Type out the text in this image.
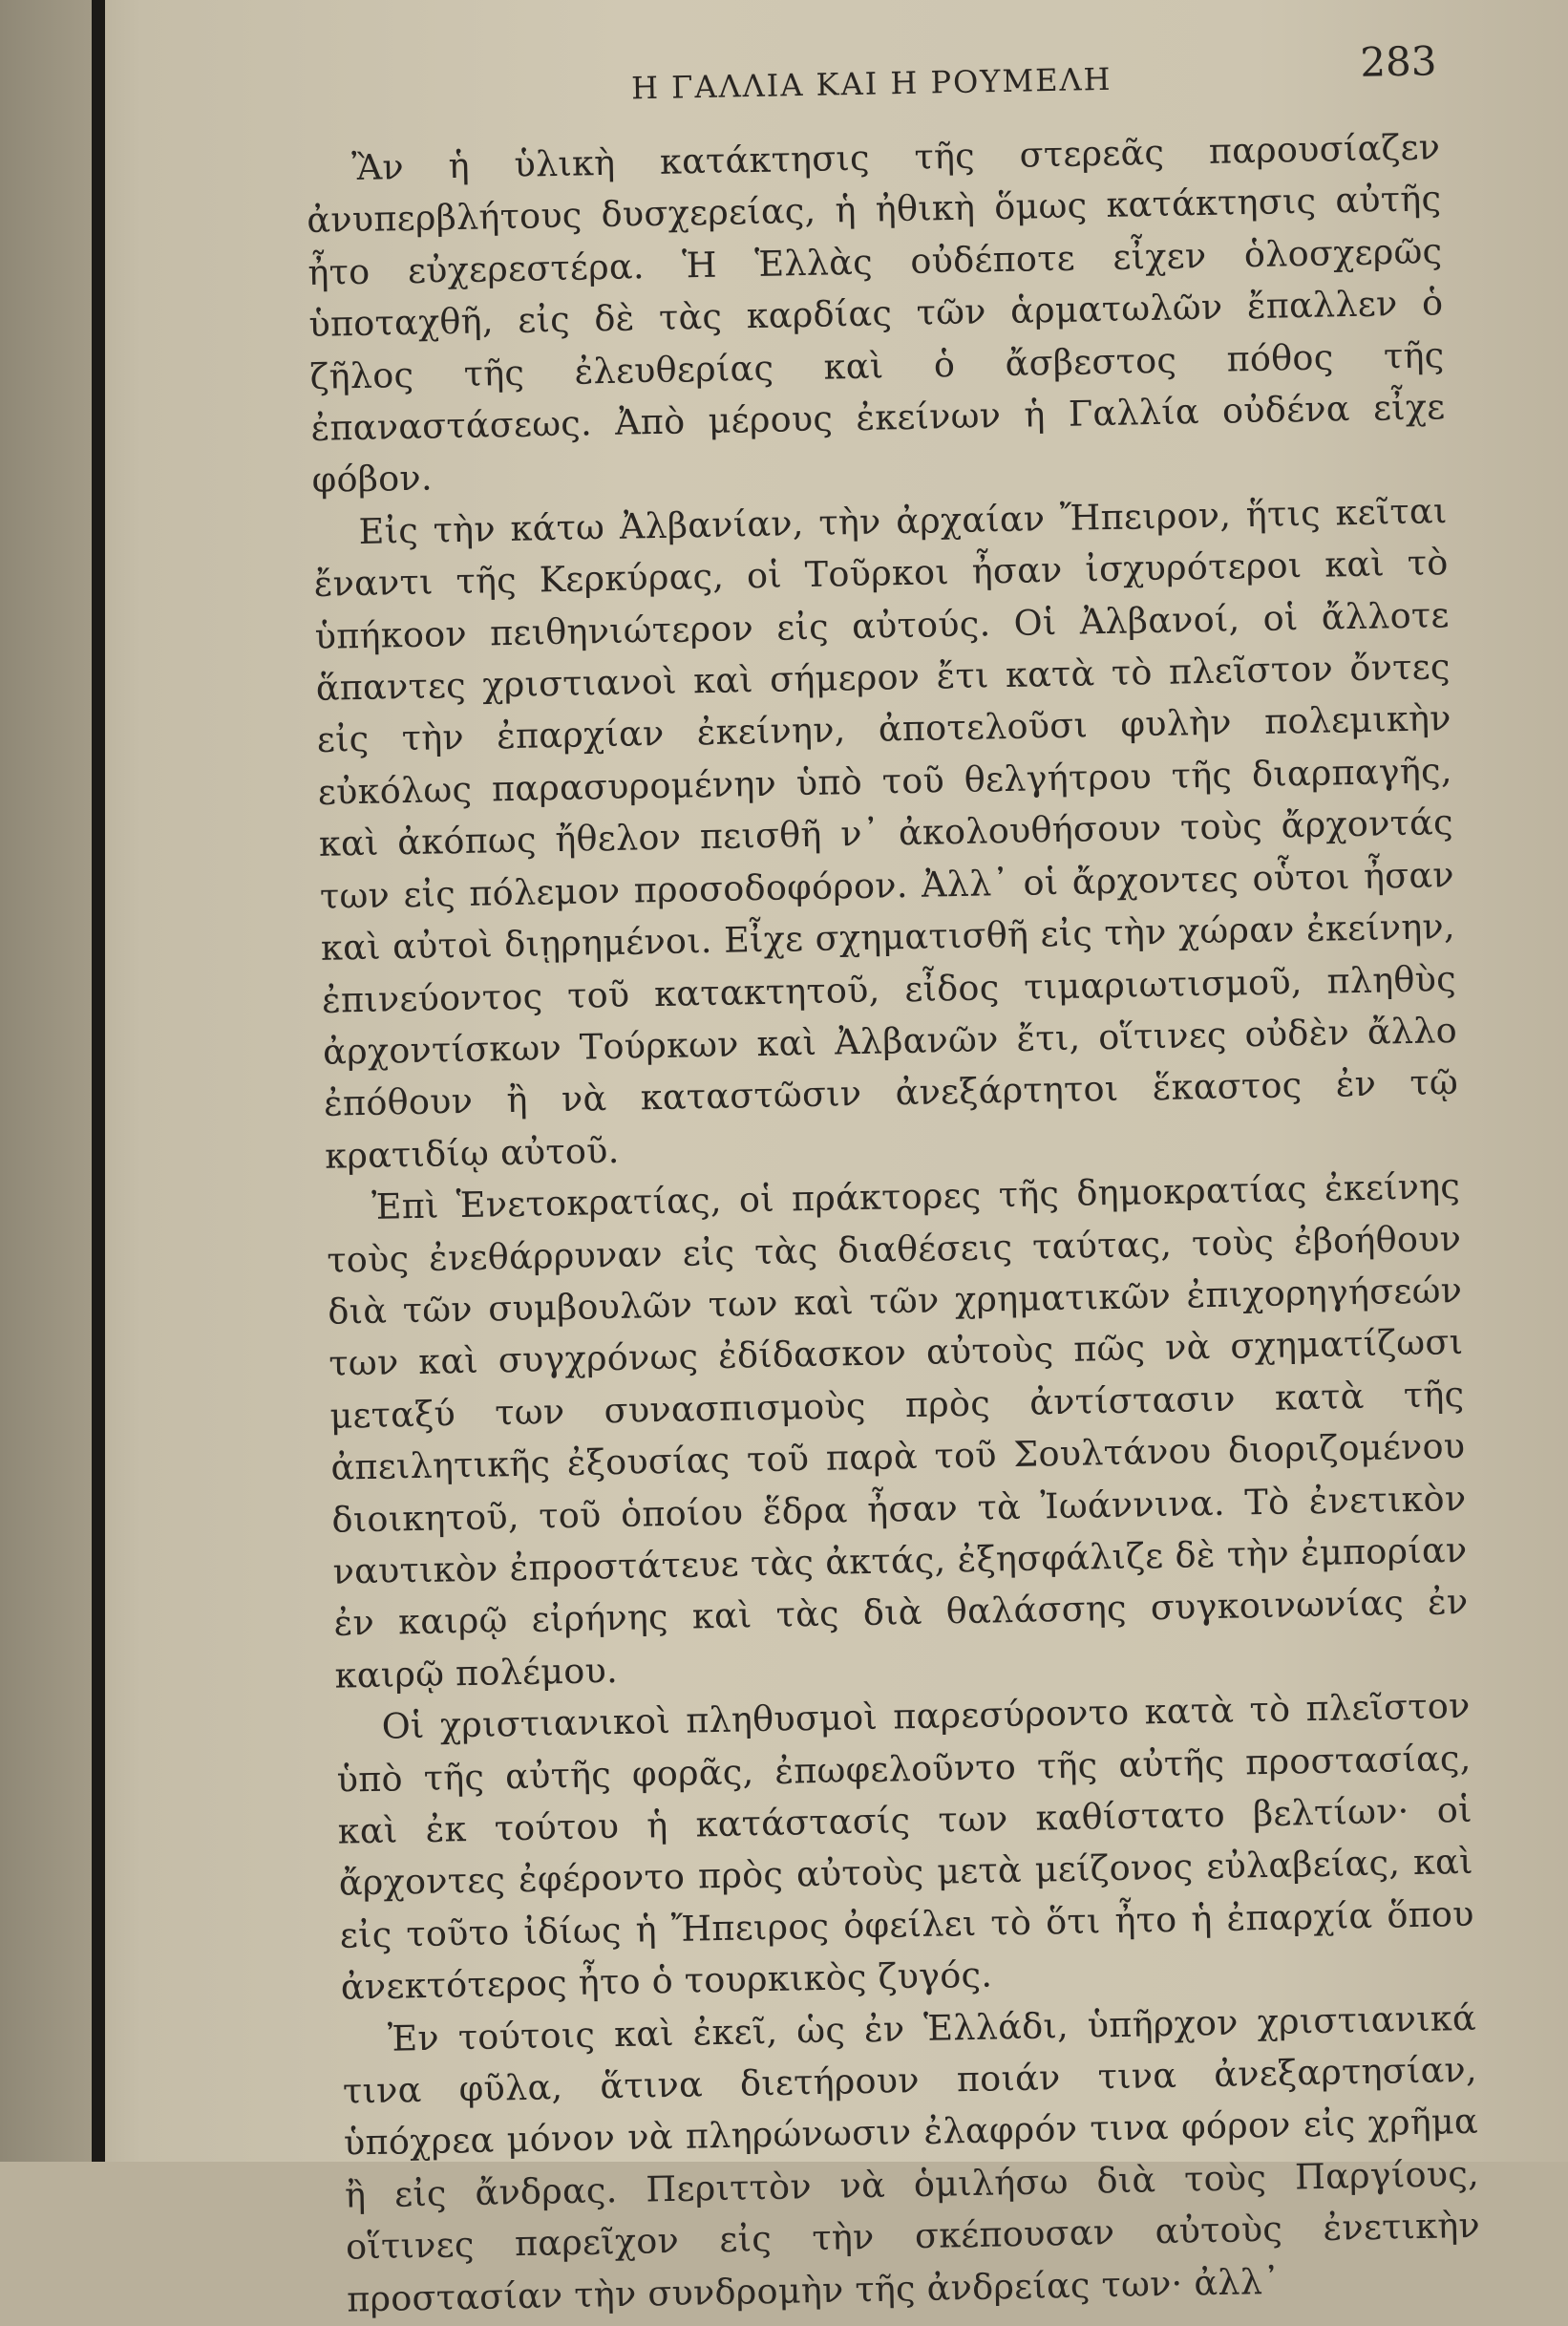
Η ΓΑΛΛΙΑ ΚΑΙ Η ΡΟΥΜΕΛΗ	283

Ἂν ἡ ὑλικὴ κατάκτησις τῆς στερεᾶς παρουσίαζεν ἀνυπερβλήτους δυσχερείας, ἡ ἠθικὴ ὅμως κατάκτησις αὐτῆς ἦτο εὐχερεστέρα. Ἡ Ἑλλὰς οὐδέποτε εἶχεν ὁλοσχερῶς ὑποταχθῆ, εἰς δὲ τὰς καρδίας τῶν ἁρματωλῶν ἔπαλλεν ὁ ζῆλος τῆς ἐλευθερίας καὶ ὁ ἄσβεστος πόθος τῆς ἐπαναστάσεως. Ἀπὸ μέρους ἐκείνων ἡ Γαλλία οὐδένα εἶχε φόβον.

Εἰς τὴν κάτω Ἀλβανίαν, τὴν ἀρχαίαν Ἤπειρον, ἥτις κεῖται ἔναντι τῆς Κερκύρας, οἱ Τοῦρκοι ἦσαν ἰσχυρότεροι καὶ τὸ ὑπήκοον πειθηνιώτερον εἰς αὐτούς. Οἱ Ἀλβανοί, οἱ ἄλλοτε ἅπαντες χριστιανοὶ καὶ σήμερον ἔτι κατὰ τὸ πλεῖστον ὄντες εἰς τὴν ἐπαρχίαν ἐκείνην, ἀποτελοῦσι φυλὴν πολεμικὴν εὐκόλως παρασυρομένην ὑπὸ τοῦ θελγήτρου τῆς διαρπαγῆς, καὶ ἀκόπως ἤθελον πεισθῆ ν᾽ ἀκολουθήσουν τοὺς ἄρχοντάς των εἰς πόλεμον προσοδοφόρον. Ἀλλ᾽ οἱ ἄρχοντες οὗτοι ἦσαν καὶ αὐτοὶ διῃρημένοι. Εἶχε σχηματισθῆ εἰς τὴν χώραν ἐκείνην, ἐπινεύοντος τοῦ κατακτητοῦ, εἶδος τιμαριωτισμοῦ, πληθὺς ἀρχοντίσκων Τούρκων καὶ Ἀλβανῶν ἔτι, οἵτινες οὐδὲν ἄλλο ἐπόθουν ἢ νὰ καταστῶσιν ἀνεξάρτητοι ἕκαστος ἐν τῷ κρατιδίῳ αὐτοῦ.

Ἐπὶ Ἑνετοκρατίας, οἱ πράκτορες τῆς δημοκρατίας ἐκείνης τοὺς ἐνεθάρρυναν εἰς τὰς διαθέσεις ταύτας, τοὺς ἐβοήθουν διὰ τῶν συμβουλῶν των καὶ τῶν χρηματικῶν ἐπιχορηγήσεών των καὶ συγχρόνως ἐδίδασκον αὐτοὺς πῶς νὰ σχηματίζωσι μεταξύ των συνασπισμοὺς πρὸς ἀντίστασιν κατὰ τῆς ἀπειλητικῆς ἐξουσίας τοῦ παρὰ τοῦ Σουλτάνου διοριζομένου διοικητοῦ, τοῦ ὁποίου ἕδρα ἦσαν τὰ Ἰωάννινα. Τὸ ἐνετικὸν ναυτικὸν ἐπροστάτευε τὰς ἀκτάς, ἐξησφάλιζε δὲ τὴν ἐμπορίαν ἐν καιρῷ εἰρήνης καὶ τὰς διὰ θαλάσσης συγκοινωνίας ἐν καιρῷ πολέμου.

Οἱ χριστιανικοὶ πληθυσμοὶ παρεσύροντο κατὰ τὸ πλεῖστον ὑπὸ τῆς αὐτῆς φορᾶς, ἐπωφελοῦντο τῆς αὐτῆς προστασίας, καὶ ἐκ τούτου ἡ κατάστασίς των καθίστατο βελτίων· οἱ ἄρχοντες ἐφέροντο πρὸς αὐτοὺς μετὰ μείζονος εὐλαβείας, καὶ εἰς τοῦτο ἰδίως ἡ Ἤπειρος ὀφείλει τὸ ὅτι ἦτο ἡ ἐπαρχία ὅπου ἀνεκτότερος ἦτο ὁ τουρκικὸς ζυγός.

Ἐν τούτοις καὶ ἐκεῖ, ὡς ἐν Ἑλλάδι, ὑπῆρχον χριστιανικά τινα φῦλα, ἅτινα διετήρουν ποιάν τινα ἀνεξαρτησίαν, ὑπόχρεα μόνον νὰ πληρώνωσιν ἐλαφρόν τινα φόρον εἰς χρῆμα ἢ εἰς ἄνδρας. Περιττὸν νὰ ὁμιλήσω διὰ τοὺς Παργίους, οἵτινες παρεῖχον εἰς τὴν σκέπουσαν αὐτοὺς ἐνετικὴν προστασίαν τὴν συνδρομὴν τῆς ἀνδρείας των· ἀλλ᾽
